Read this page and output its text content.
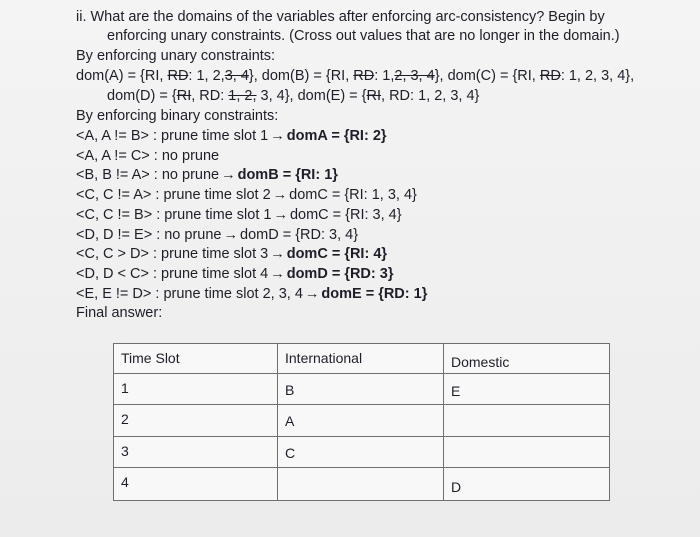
ii. What are the domains of the variables after enforcing arc-consistency? Begin by
enforcing unary constraints. (Cross out values that are no longer in the domain.)
By enforcing unary constraints:
dom(A) = {RI, RD: 1, 2,3, 4}, dom(B) = {RI, RD: 1,2, 3, 4}, dom(C) = {RI, RD: 1, 2, 3, 4},
dom(D) = {RI, RD: 1, 2, 3, 4}, dom(E) = {RI, RD: 1, 2, 3, 4}
By enforcing binary constraints:
<A, A != B> : prune time slot 1 → domA = {RI: 2}
<A, A != C> : no prune
<B, B != A> : no prune → domB = {RI: 1}
<C, C != A> : prune time slot 2 → domC = {RI: 1, 3, 4}
<C, C != B> : prune time slot 1 → domC = {RI: 3, 4}
<D, D != E> : no prune → domD = {RD: 3, 4}
<C, C > D> : prune time slot 3 → domC = {RI: 4}
<D, D < C> : prune time slot 4 → domD = {RD: 3}
<E, E != D> : prune time slot 2, 3, 4 → domE = {RD: 1}
Final answer:
Time Slot	International	Domestic

1	B	E

2	A	

3	C	

4		D
